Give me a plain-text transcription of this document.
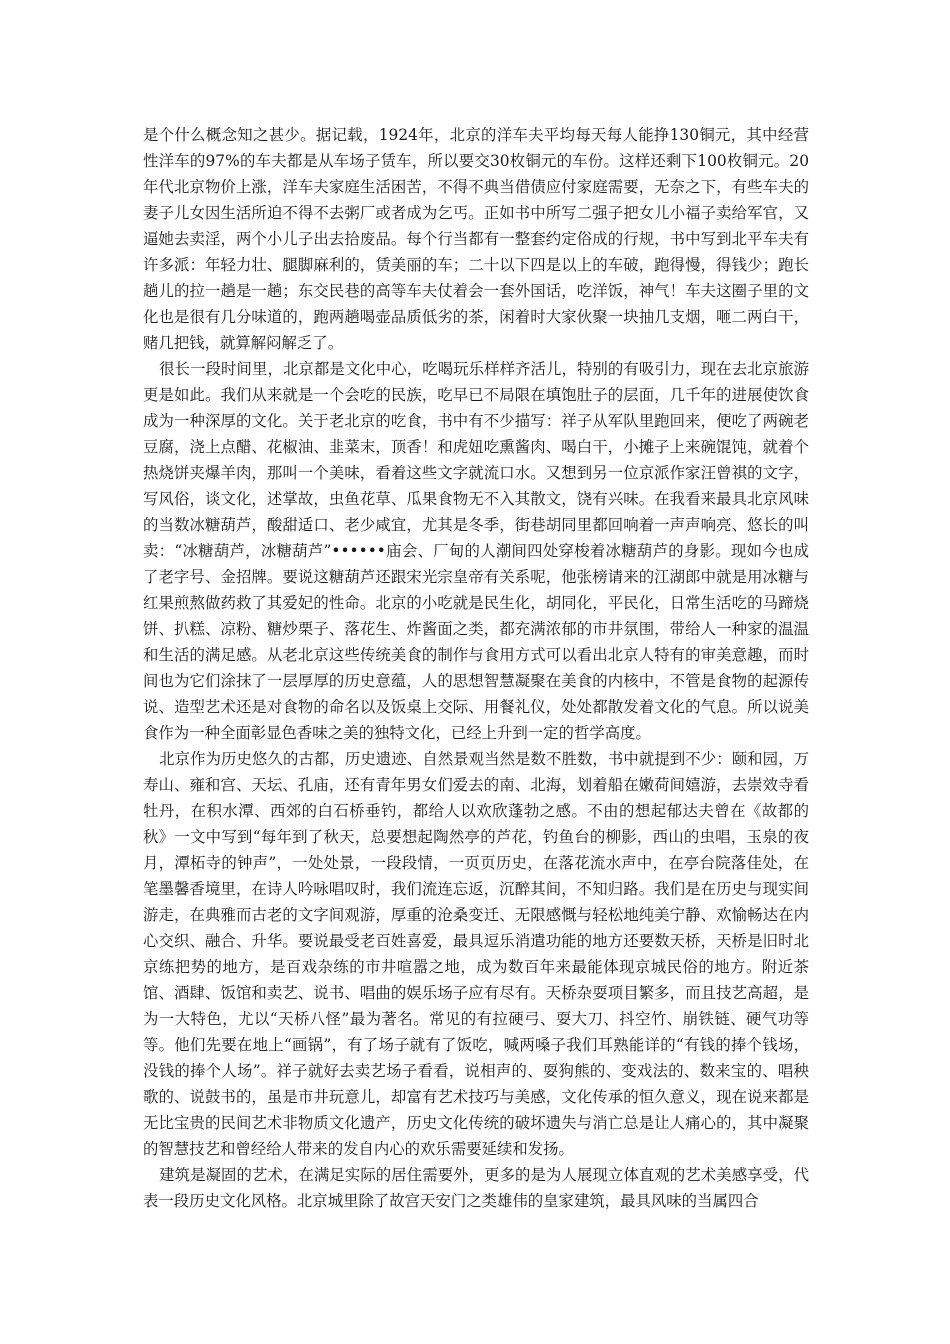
是个什么概念知之甚少。据记载，1924年，北京的洋车夫平均每天每人能挣130铜元，其中经营性洋车的97%的车夫都是从车场子赁车，所以要交30枚铜元的车份。这样还剩下100枚铜元。20年代北京物价上涨，洋车夫家庭生活困苦，不得不典当借债应付家庭需要，无奈之下，有些车夫的妻子儿女因生活所迫不得不去粥厂或者成为乞丐。正如书中所写二强子把女儿小福子卖给军官，又逼她去卖淫，两个小儿子出去拾废品。每个行当都有一整套约定俗成的行规，书中写到北平车夫有许多派：年轻力壮、腿脚麻利的，赁美丽的车；二十以下四是以上的车破，跑得慢，得钱少；跑长趟儿的拉一趟是一趟；东交民巷的高等车夫仗着会一套外国话，吃洋饭，神气！车夫这圈子里的文化也是很有几分味道的，跑两趟喝壶品质低劣的茶，闲着时大家伙聚一块抽几支烟，咂二两白干，赌几把钱，就算解闷解乏了。

很长一段时间里，北京都是文化中心，吃喝玩乐样样齐活儿，特别的有吸引力，现在去北京旅游更是如此。我们从来就是一个会吃的民族，吃早已不局限在填饱肚子的层面，几千年的进展使饮食成为一种深厚的文化。关于老北京的吃食，书中有不少描写：祥子从军队里跑回来，便吃了两碗老豆腐，浇上点醋、花椒油、韭菜末，顶香！和虎妞吃熏酱肉、喝白干，小摊子上来碗馄饨，就着个热烧饼夹爆羊肉，那叫一个美味，看着这些文字就流口水。又想到另一位京派作家汪曾祺的文字，写风俗，谈文化，述掌故，虫鱼花草、瓜果食物无不入其散文，饶有兴味。在我看来最具北京风味的当数冰糖葫芦，酸甜适口、老少咸宜，尤其是冬季，街巷胡同里都回响着一声声响亮、悠长的叫卖：“冰糖葫芦，冰糖葫芦”••••••庙会、厂甸的人潮间四处穿梭着冰糖葫芦的身影。现如今也成了老字号、金招牌。要说这糖葫芦还跟宋光宗皇帝有关系呢，他张榜请来的江湖郎中就是用冰糖与红果煎熬做药救了其爱妃的性命。北京的小吃就是民生化，胡同化，平民化，日常生活吃的马蹄烧饼、扒糕、凉粉、糖炒栗子、落花生、炸酱面之类，都充满浓郁的市井氛围，带给人一种家的温温和生活的满足感。从老北京这些传统美食的制作与食用方式可以看出北京人特有的审美意趣，而时间也为它们涂抹了一层厚厚的历史意蕴，人的思想智慧凝聚在美食的内核中，不管是食物的起源传说、造型艺术还是对食物的命名以及饭桌上交际、用餐礼仪，处处都散发着文化的气息。所以说美食作为一种全面彰显色香味之美的独特文化，已经上升到一定的哲学高度。

北京作为历史悠久的古都，历史遗迹、自然景观当然是数不胜数，书中就提到不少：颐和园，万寿山、雍和宫、天坛、孔庙，还有青年男女们爱去的南、北海，划着船在嫩荷间嬉游，去崇效寺看牡丹，在积水潭、西郊的白石桥垂钓，都给人以欢欣蓬勃之感。不由的想起郁达夫曾在《故都的秋》一文中写到“每年到了秋天，总要想起陶然亭的芦花，钓鱼台的柳影，西山的虫唱，玉泉的夜月，潭柘寺的钟声”，一处处景，一段段情，一页页历史，在落花流水声中，在亭台院落佳处，在笔墨馨香境里，在诗人吟咏唱叹时，我们流连忘返，沉醉其间，不知归路。我们是在历史与现实间游走，在典雅而古老的文字间观游，厚重的沧桑变迁、无限感慨与轻松地纯美宁静、欢愉畅达在内心交织、融合、升华。要说最受老百姓喜爱，最具逗乐消遣功能的地方还要数天桥，天桥是旧时北京练把势的地方，是百戏杂练的市井喧嚣之地，成为数百年来最能体现京城民俗的地方。附近茶馆、酒肆、饭馆和卖艺、说书、唱曲的娱乐场子应有尽有。天桥杂耍项目繁多，而且技艺高超，是为一大特色，尤以“天桥八怪”最为著名。常见的有拉硬弓、耍大刀、抖空竹、崩铁链、硬气功等等。他们先要在地上“画锅”，有了场子就有了饭吃，喊两嗓子我们耳熟能详的“有钱的捧个钱场，没钱的捧个人场”。祥子就好去卖艺场子看看，说相声的、耍狗熊的、变戏法的、数来宝的、唱秧歌的、说鼓书的，虽是市井玩意儿，却富有艺术技巧与美感，文化传承的恒久意义，现在说来都是无比宝贵的民间艺术非物质文化遗产，历史文化传统的破坏遗失与消亡总是让人痛心的，其中凝聚的智慧技艺和曾经给人带来的发自内心的欢乐需要延续和发扬。

建筑是凝固的艺术，在满足实际的居住需要外，更多的是为人展现立体直观的艺术美感享受，代表一段历史文化风格。北京城里除了故宫天安门之类雄伟的皇家建筑，最具风味的当属四合
